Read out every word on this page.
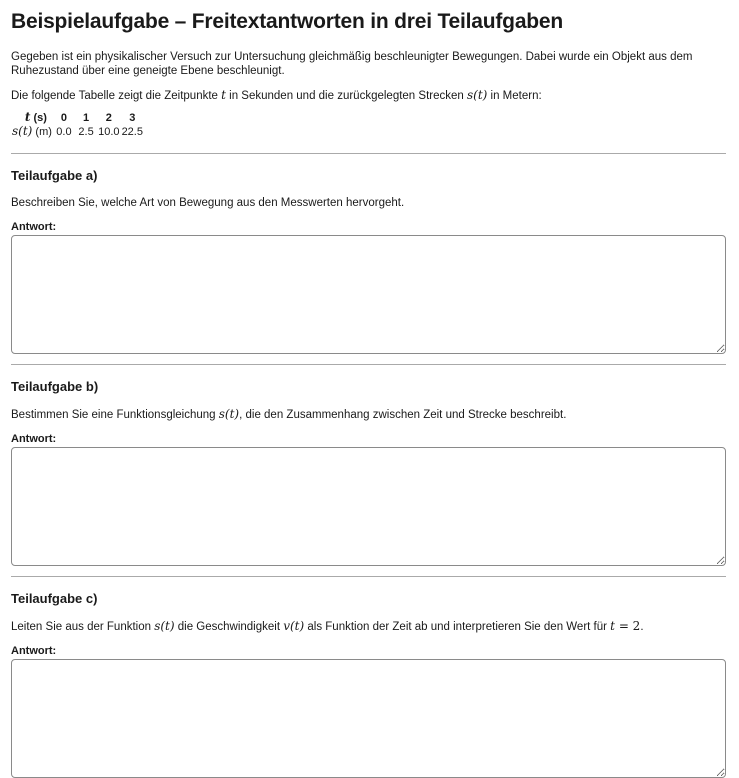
Beispielaufgabe – Freitextantworten in drei Teilaufgaben

Gegeben ist ein physikalischer Versuch zur Untersuchung gleichmäßig beschleunigter Bewegungen. Dabei wurde ein Objekt aus dem Ruhezustand über eine geneigte Ebene beschleunigt.

Die folgende Tabelle zeigt die Zeitpunkte t in Sekunden und die zurückgelegten Strecken s(t) in Metern:

t (s)	0	1	2	3
s(t) (m)	0.0	2.5	10.0	22.5
Teilaufgabe a)

Beschreiben Sie, welche Art von Bewegung aus den Messwerten hervorgeht.

Antwort:
Teilaufgabe b)

Bestimmen Sie eine Funktionsgleichung s(t), die den Zusammenhang zwischen Zeit und Strecke beschreibt.

Antwort:
Teilaufgabe c)

Leiten Sie aus der Funktion s(t) die Geschwindigkeit v(t) als Funktion der Zeit ab und interpretieren Sie den Wert für t = 2.

Antwort:
